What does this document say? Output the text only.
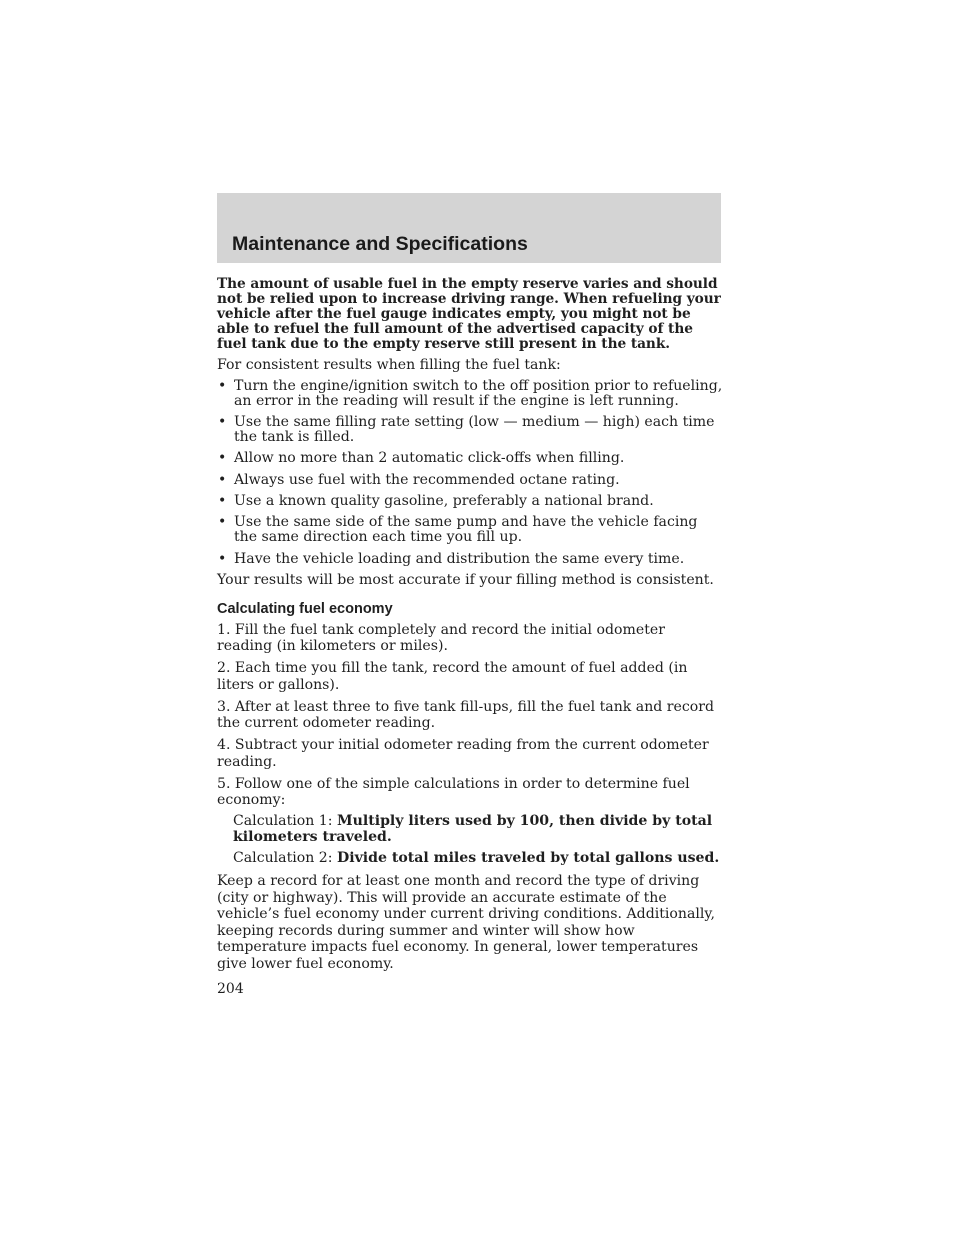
Maintenance and Specifications

The amount of usable fuel in the empty reserve varies and should not be relied upon to increase driving range. When refueling your vehicle after the fuel gauge indicates empty, you might not be able to refuel the full amount of the advertised capacity of the fuel tank due to the empty reserve still present in the tank.

For consistent results when filling the fuel tank:

• Turn the engine/ignition switch to the off position prior to refueling, an error in the reading will result if the engine is left running.
• Use the same filling rate setting (low — medium — high) each time the tank is filled.
• Allow no more than 2 automatic click-offs when filling.
• Always use fuel with the recommended octane rating.
• Use a known quality gasoline, preferably a national brand.
• Use the same side of the same pump and have the vehicle facing the same direction each time you fill up.
• Have the vehicle loading and distribution the same every time.

Your results will be most accurate if your filling method is consistent.

Calculating fuel economy

1. Fill the fuel tank completely and record the initial odometer reading (in kilometers or miles).

2. Each time you fill the tank, record the amount of fuel added (in liters or gallons).

3. After at least three to five tank fill-ups, fill the fuel tank and record the current odometer reading.

4. Subtract your initial odometer reading from the current odometer reading.

5. Follow one of the simple calculations in order to determine fuel economy:

Calculation 1: Multiply liters used by 100, then divide by total kilometers traveled.

Calculation 2: Divide total miles traveled by total gallons used.

Keep a record for at least one month and record the type of driving (city or highway). This will provide an accurate estimate of the vehicle’s fuel economy under current driving conditions. Additionally, keeping records during summer and winter will show how temperature impacts fuel economy. In general, lower temperatures give lower fuel economy.

204
